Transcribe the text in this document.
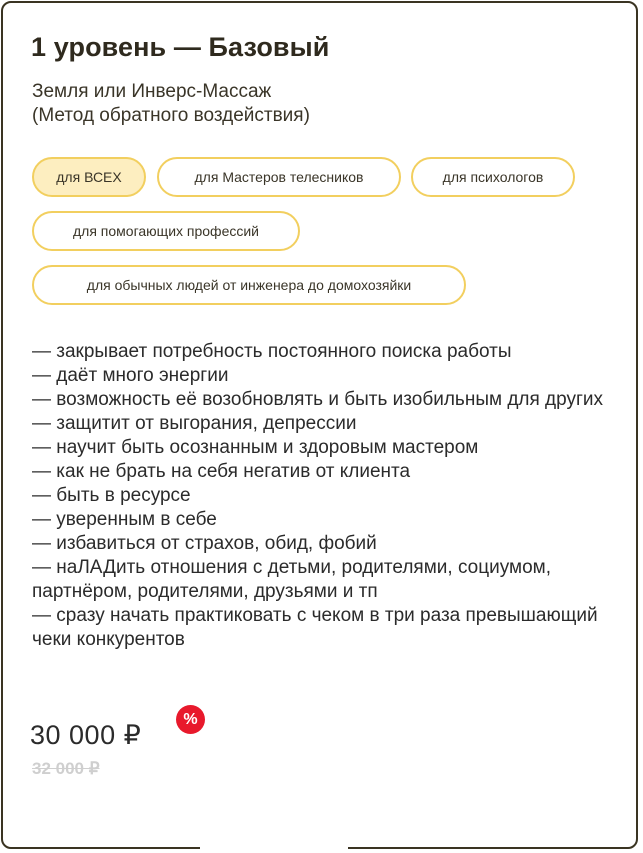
1 уровень — Базовый
Земля или Инверс-Массаж
(Метод обратного воздействия)
для ВСЕХ	для Мастеров телесников	для психологов
для помогающих профессий
для обычных людей от инженера до домохозяйки
— закрывает потребность постоянного поиска работы
— даёт много энергии
— возможность её возобновлять и быть изобильным для других
— защитит от выгорания, депрессии
— научит быть осознанным и здоровым мастером
— как не брать на себя негатив от клиента
— быть в ресурсе
— уверенным в себе
— избавиться от страхов, обид, фобий
— наЛАДить отношения с детьми, родителями, социумом, партнёром, родителями, друзьями и тп
— сразу начать практиковать с чеком в три раза превышающий чеки конкурентов
30 000 ₽
%
32 000 ₽
